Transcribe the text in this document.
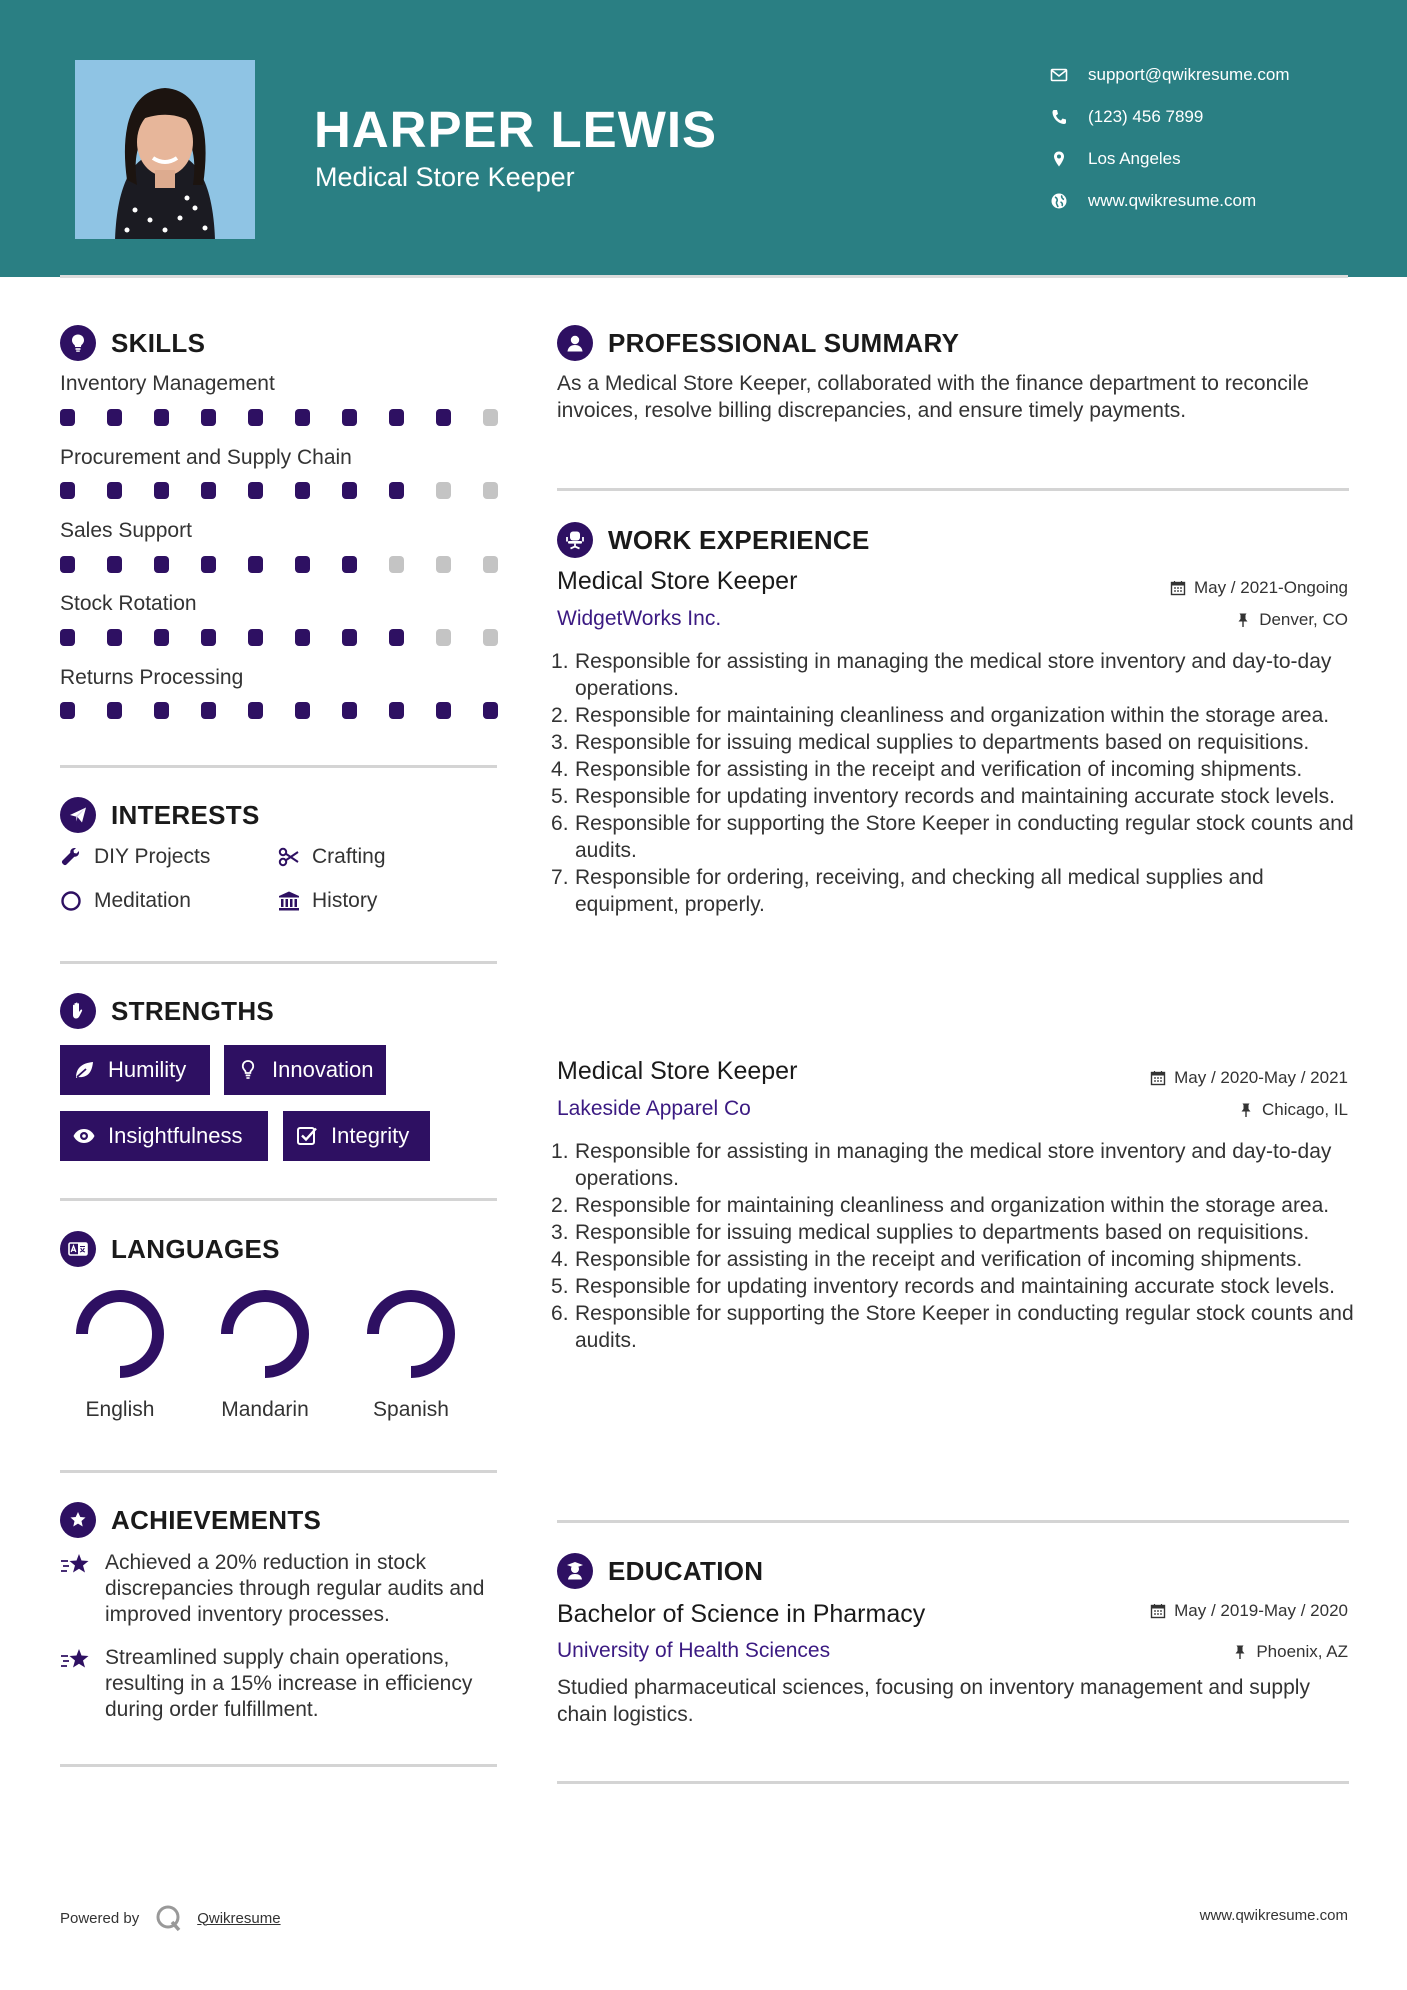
HARPER LEWIS
Medical Store Keeper
support@qwikresume.com
(123) 456 7899
Los Angeles
www.qwikresume.com
SKILLS
Inventory Management
Procurement and Supply Chain
Sales Support
Stock Rotation
Returns Processing
INTERESTS
DIY Projects	Crafting
Meditation	History
STRENGTHS
Humility	Innovation
Insightfulness	Integrity
LANGUAGES
English	Mandarin	Spanish
ACHIEVEMENTS
Achieved a 20% reduction in stock discrepancies through regular audits and improved inventory processes.
Streamlined supply chain operations, resulting in a 15% increase in efficiency during order fulfillment.
PROFESSIONAL SUMMARY
As a Medical Store Keeper, collaborated with the finance department to reconcile invoices, resolve billing discrepancies, and ensure timely payments.
WORK EXPERIENCE
Medical Store Keeper	May / 2021-Ongoing
WidgetWorks Inc.	Denver, CO
Responsible for assisting in managing the medical store inventory and day-to-day operations.
Responsible for maintaining cleanliness and organization within the storage area.
Responsible for issuing medical supplies to departments based on requisitions.
Responsible for assisting in the receipt and verification of incoming shipments.
Responsible for updating inventory records and maintaining accurate stock levels.
Responsible for supporting the Store Keeper in conducting regular stock counts and audits.
Responsible for ordering, receiving, and checking all medical supplies and equipment, properly.
Medical Store Keeper	May / 2020-May / 2021
Lakeside Apparel Co	Chicago, IL
Responsible for assisting in managing the medical store inventory and day-to-day operations.
Responsible for maintaining cleanliness and organization within the storage area.
Responsible for issuing medical supplies to departments based on requisitions.
Responsible for assisting in the receipt and verification of incoming shipments.
Responsible for updating inventory records and maintaining accurate stock levels.
Responsible for supporting the Store Keeper in conducting regular stock counts and audits.
EDUCATION
Bachelor of Science in Pharmacy	May / 2019-May / 2020
University of Health Sciences	Phoenix, AZ
Studied pharmaceutical sciences, focusing on inventory management and supply chain logistics.
Powered by	Qwikresume	www.qwikresume.com
